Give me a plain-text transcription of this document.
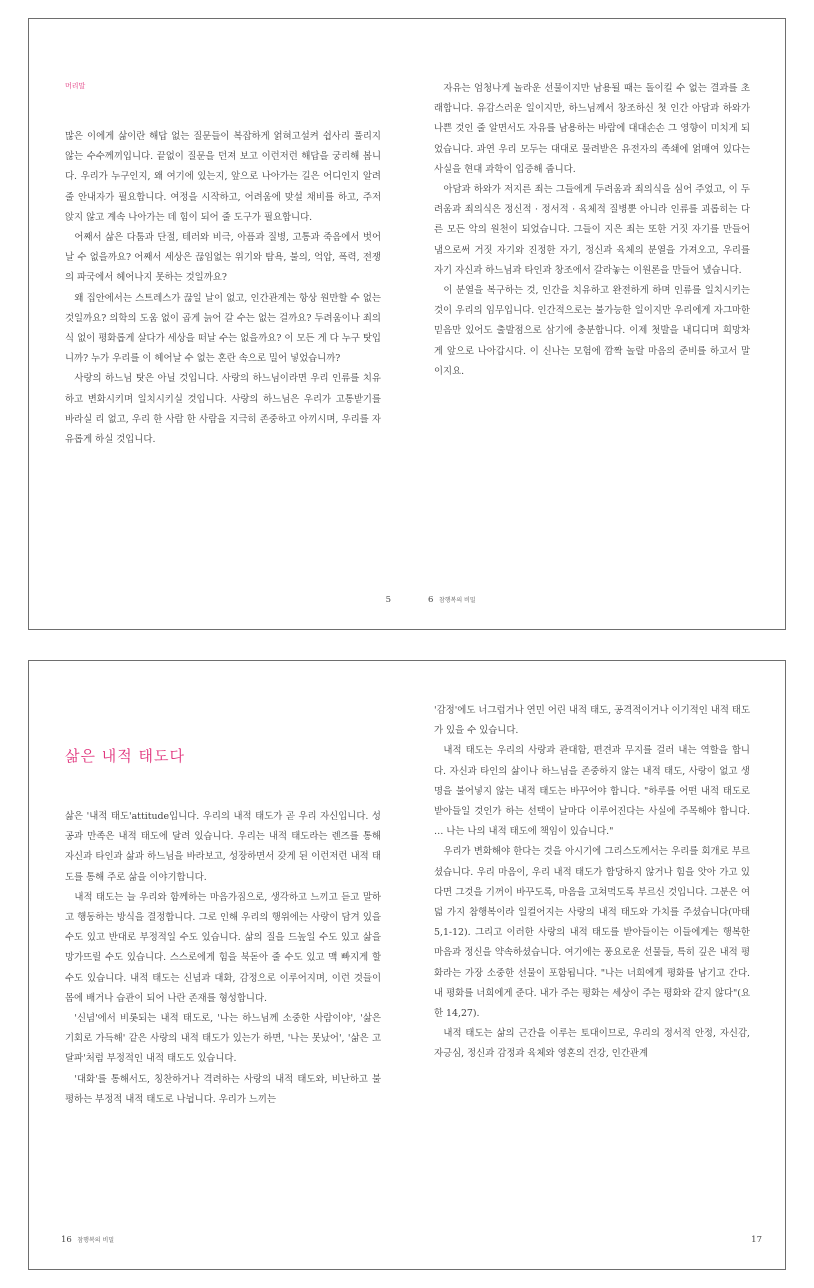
머리말

많은 이에게 삶이란 해답 없는 질문들이 복잡하게 얽혀고설켜 쉽사리 풀리지 않는 수수께끼입니다. 끝없이 질문을 던져 보고 이런저런 해답을 궁리해 봅니다. 우리가 누구인지, 왜 여기에 있는지, 앞으로 나아가는 길은 어디인지 알려 줄 안내자가 필요합니다. 여정을 시작하고, 어려움에 맞설 채비를 하고, 주저앉지 않고 계속 나아가는 데 힘이 되어 줄 도구가 필요합니다.

어째서 삶은 다툼과 단절, 테러와 비극, 아픔과 질병, 고통과 죽음에서 벗어날 수 없을까요? 어째서 세상은 끊임없는 위기와 탐욕, 불의, 억압, 폭력, 전쟁의 파국에서 헤어나지 못하는 것일까요?

왜 집안에서는 스트레스가 끊일 날이 없고, 인간관계는 항상 원만할 수 없는 것일까요? 의학의 도움 없이 곱게 늙어 갈 수는 없는 걸까요? 두려움이나 죄의식 없이 평화롭게 살다가 세상을 떠날 수는 없을까요? 이 모든 게 다 누구 탓입니까? 누가 우리를 이 헤어날 수 없는 혼란 속으로 밀어 넣었습니까?

사랑의 하느님 탓은 아닐 것입니다. 사랑의 하느님이라면 우리 인류를 치유하고 변화시키며 일치시키실 것입니다. 사랑의 하느님은 우리가 고통받기를 바라실 리 없고, 우리 한 사람 한 사람을 지극히 존중하고 아끼시며, 우리를 자유롭게 하실 것입니다.

5

자유는 엄청나게 놀라운 선물이지만 남용될 때는 돌이킬 수 없는 결과를 초래합니다. 유감스러운 일이지만, 하느님께서 창조하신 첫 인간 아담과 하와가 나쁜 것인 줄 알면서도 자유를 남용하는 바람에 대대손손 그 영향이 미치게 되었습니다. 과연 우리 모두는 대대로 물려받은 유전자의 족쇄에 얽매여 있다는 사실을 현대 과학이 입증해 줍니다.

아담과 하와가 저지른 죄는 그들에게 두려움과 죄의식을 심어 주었고, 이 두려움과 죄의식은 정신적 · 정서적 · 육체적 질병뿐 아니라 인류를 괴롭히는 다른 모든 악의 원천이 되었습니다. 그들이 지은 죄는 또한 거짓 자기를 만들어 냄으로써 거짓 자기와 진정한 자기, 정신과 육체의 분열을 가져오고, 우리를 자기 자신과 하느님과 타인과 창조에서 갈라놓는 이원론을 만들어 냈습니다.

이 분열을 복구하는 것, 인간을 치유하고 완전하게 하며 인류를 일치시키는 것이 우리의 임무입니다. 인간적으로는 불가능한 일이지만 우리에게 자그마한 믿음만 있어도 출발점으로 삼기에 충분합니다. 이제 첫발을 내디디며 희망차게 앞으로 나아갑시다. 이 신나는 모험에 깜짝 놀랄 마음의 준비를 하고서 말이지요.

6 참행복의 비밀
삶은 내적 태도다

삶은 '내적 태도'attitude입니다. 우리의 내적 태도가 곧 우리 자신입니다. 성공과 만족은 내적 태도에 달려 있습니다. 우리는 내적 태도라는 렌즈를 통해 자신과 타인과 삶과 하느님을 바라보고, 성장하면서 갖게 된 이런저런 내적 태도를 통해 주로 삶을 이야기합니다.

내적 태도는 늘 우리와 함께하는 마음가짐으로, 생각하고 느끼고 듣고 말하고 행동하는 방식을 결정합니다. 그로 인해 우리의 행위에는 사랑이 담겨 있을 수도 있고 반대로 부정적일 수도 있습니다. 삶의 질을 드높일 수도 있고 삶을 망가뜨릴 수도 있습니다. 스스로에게 힘을 북돋아 줄 수도 있고 맥 빠지게 할 수도 있습니다. 내적 태도는 신념과 대화, 감정으로 이루어지며, 이런 것들이 몸에 배거나 습관이 되어 나란 존재를 형성합니다.

'신념'에서 비롯되는 내적 태도로, '나는 하느님께 소중한 사람이야', '삶은 기회로 가득해' 같은 사랑의 내적 태도가 있는가 하면, '나는 못났어', '삶은 고달파'처럼 부정적인 내적 태도도 있습니다.

'대화'를 통해서도, 칭찬하거나 격려하는 사랑의 내적 태도와, 비난하고 불평하는 부정적 내적 태도로 나뉩니다. 우리가 느끼는

16 참행복의 비밀

'감정'에도 너그럽거나 연민 어린 내적 태도, 공격적이거나 이기적인 내적 태도가 있을 수 있습니다.

내적 태도는 우리의 사랑과 관대함, 편견과 무지를 걸러 내는 역할을 합니다. 자신과 타인의 삶이나 하느님을 존중하지 않는 내적 태도, 사랑이 없고 생명을 불어넣지 않는 내적 태도는 바꾸어야 합니다. "하루를 어떤 내적 태도로 받아들일 것인가 하는 선택이 날마다 이루어진다는 사실에 주목해야 합니다. … 나는 나의 내적 태도에 책임이 있습니다."

우리가 변화해야 한다는 것을 아시기에 그리스도께서는 우리를 회개로 부르셨습니다. 우리 마음이, 우리 내적 태도가 합당하지 않거나 힘을 앗아 가고 있다면 그것을 기꺼이 바꾸도록, 마음을 고쳐먹도록 부르신 것입니다. 그분은 여덟 가지 참행복이라 일컬어지는 사랑의 내적 태도와 가치를 주셨습니다(마태 5,1-12). 그리고 이러한 사랑의 내적 태도를 받아들이는 이들에게는 행복한 마음과 정신을 약속하셨습니다. 여기에는 풍요로운 선물들, 특히 깊은 내적 평화라는 가장 소중한 선물이 포함됩니다. "나는 너희에게 평화를 남기고 간다. 내 평화를 너희에게 준다. 내가 주는 평화는 세상이 주는 평화와 같지 않다"(요한 14,27).

내적 태도는 삶의 근간을 이루는 토대이므로, 우리의 정서적 안정, 자신감, 자긍심, 정신과 감정과 육체와 영혼의 건강, 인간관계

17
